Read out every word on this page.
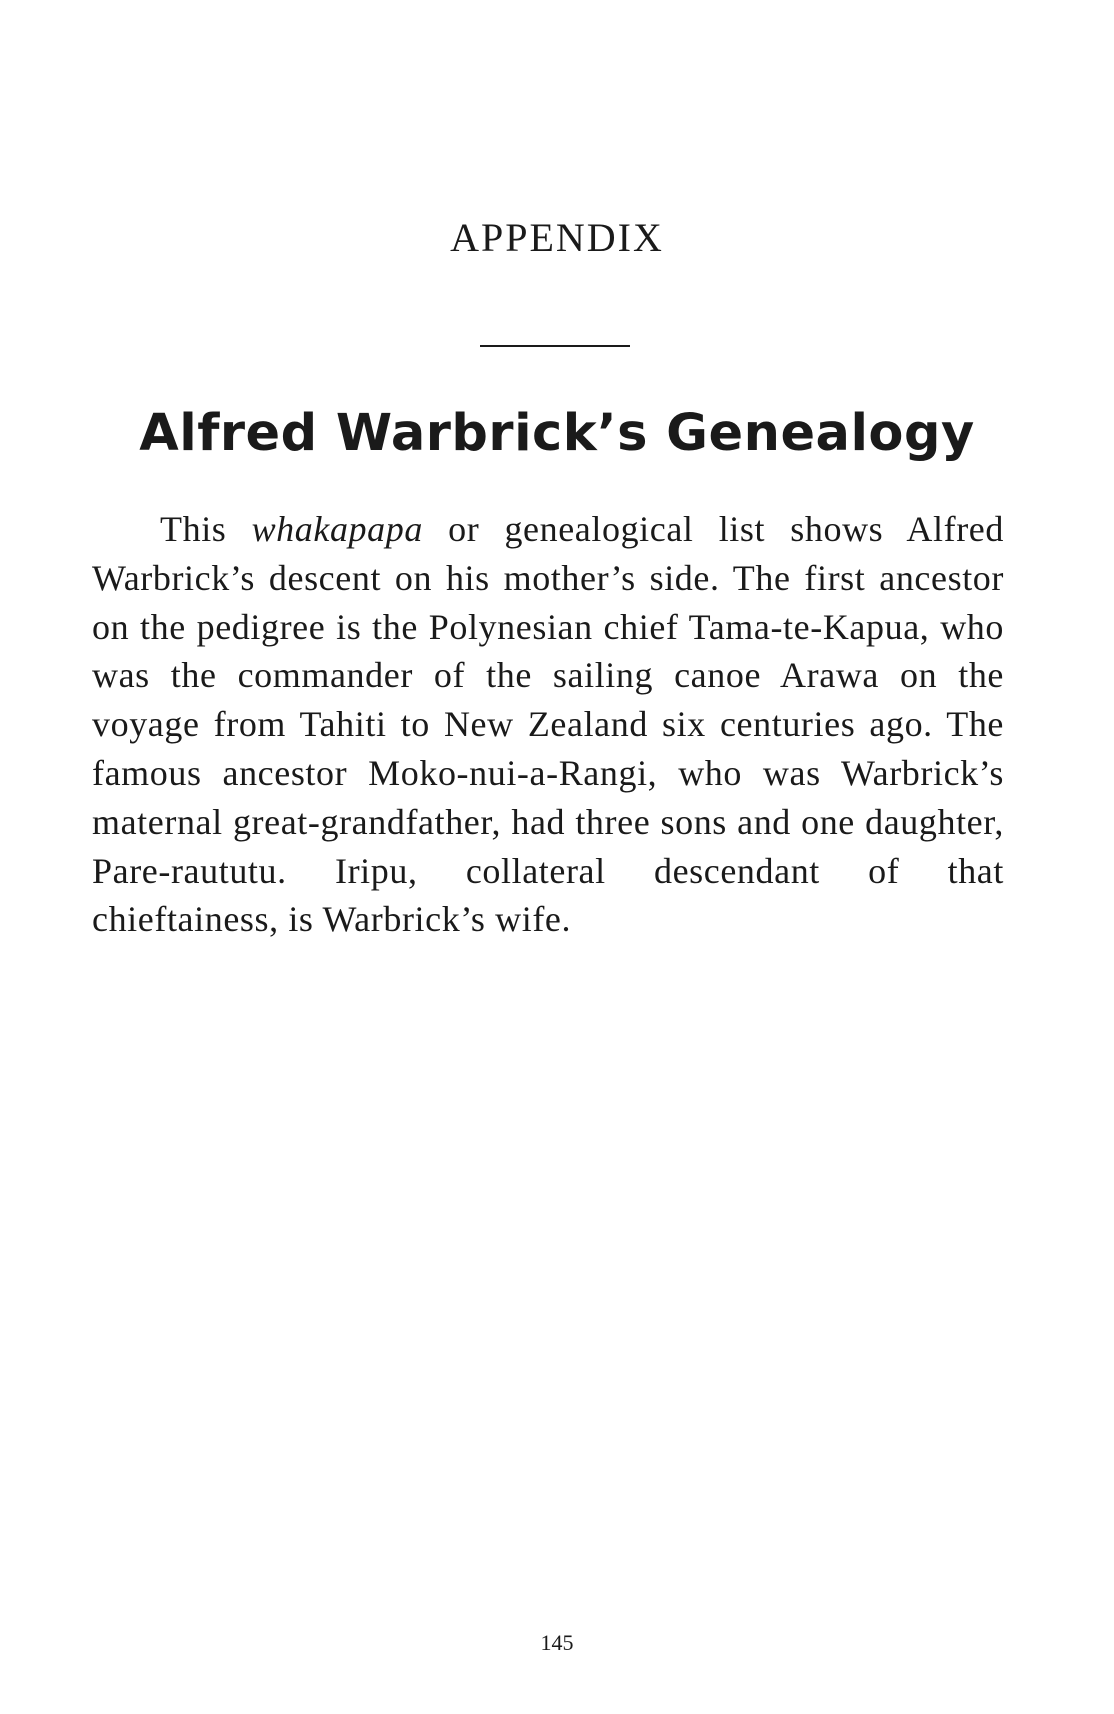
APPENDIX
Alfred Warbrick’s Genealogy

This whakapapa or genealogical list shows Alfred Warbrick’s descent on his mother’s side. The first ancestor on the pedigree is the Polynesian chief Tama-te-Kapua, who was the commander of the sailing canoe Arawa on the voyage from Tahiti to New Zealand six centuries ago. The famous ancestor Moko-nui-a-Rangi, who was Warbrick’s maternal great-grandfather, had three sons and one daughter, Pare-raututu. Iripu, collateral descendant of that chieftainess, is Warbrick’s wife.

145
